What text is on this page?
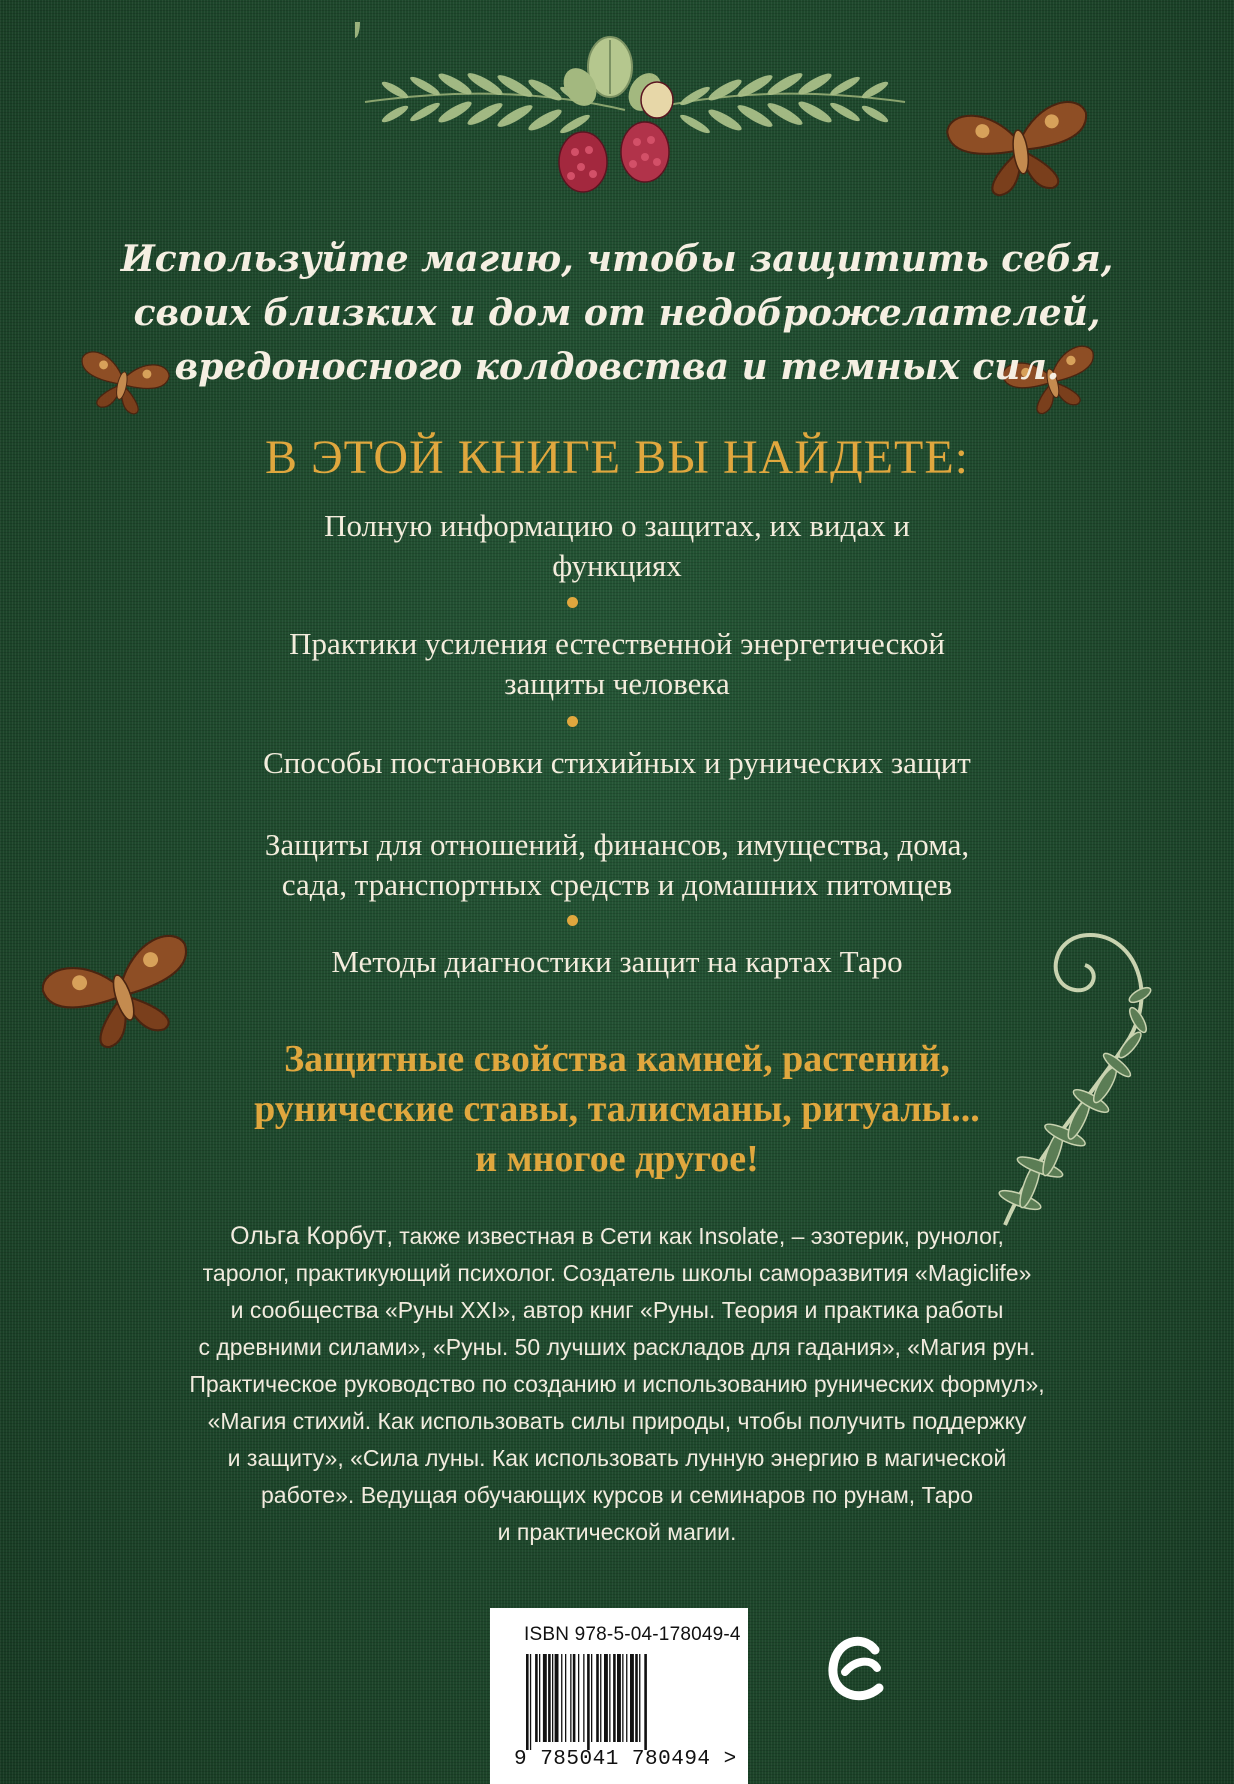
Используйте магию, чтобы защитить себя,
своих близких и дом от недоброжелателей,
вредоносного колдовства и темных сил.

В ЭТОЙ КНИГЕ ВЫ НАЙДЕТЕ:

Полную информацию о защитах, их видах и
функциях

Практики усиления естественной энергетической
защиты человека

Способы постановки стихийных и рунических защит

Защиты для отношений, финансов, имущества, дома,
сада, транспортных средств и домашних питомцев

Методы диагностики защит на картах Таро

Защитные свойства камней, растений,
рунические ставы, талисманы, ритуалы...
и многое другое!

Ольга Корбут, также известная в Сети как Insolate, – эзотерик, рунолог,
таролог, практикующий психолог. Создатель школы саморазвития «Magiclife»
и сообщества «Руны XXI», автор книг «Руны. Теория и практика работы
с древними силами», «Руны. 50 лучших раскладов для гадания», «Магия рун.
Практическое руководство по созданию и использованию рунических формул»,
«Магия стихий. Как использовать силы природы, чтобы получить поддержку
и защиту», «Сила луны. Как использовать лунную энергию в магической
работе». Ведущая обучающих курсов и семинаров по рунам, Таро
и практической магии.

ISBN 978-5-04-178049-4
9 785041 780494 >
